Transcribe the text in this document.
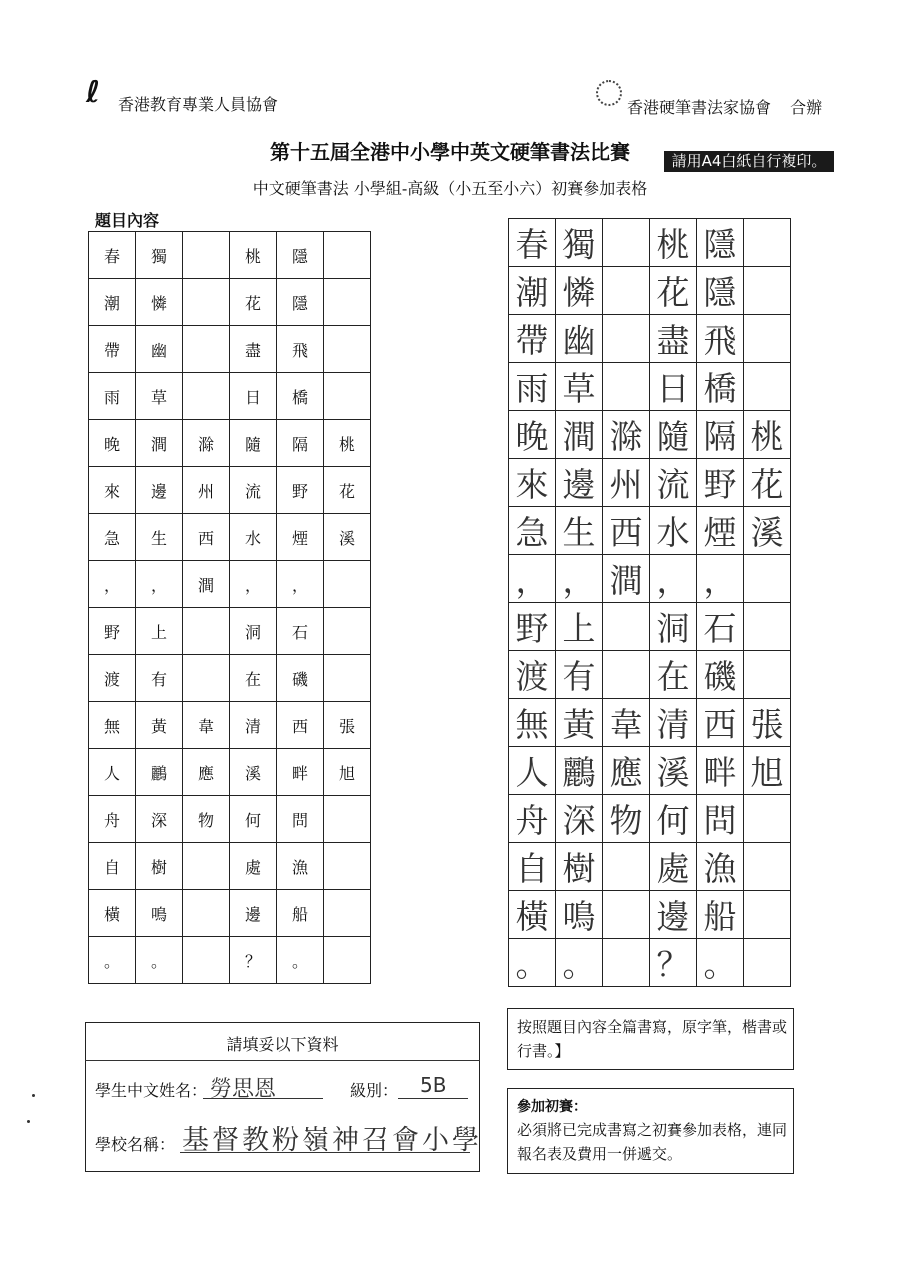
ℓ 香港教育專業人員協會	香港硬筆書法家協會 合辦
第十五屆全港中小學中英文硬筆書法比賽	請用A4白紙自行複印。
中文硬筆書法 小學組-高級（小五至小六）初賽參加表格
題目內容
春	獨		桃	隱	
潮	憐		花	隱	
帶	幽		盡	飛	
雨	草		日	橋	
晚	澗	滁	隨	隔	桃
來	邊	州	流	野	花
急	生	西	水	煙	溪
，	，	澗	，	，	
野	上		洞	石	
渡	有		在	磯	
無	黃	韋	清	西	張
人	鸝	應	溪	畔	旭
舟	深	物	何	問	
自	樹		處	漁	
橫	鳴		邊	船	
。	。		？	。	
春	獨		桃	隱	
潮	憐		花	隱	
帶	幽		盡	飛	
雨	草		日	橋	
晚	澗	滁	隨	隔	桃
來	邊	州	流	野	花
急	生	西	水	煙	溪
，	，	澗	，	，	
野	上		洞	石	
渡	有		在	磯	
無	黃	韋	清	西	張
人	鸝	應	溪	畔	旭
舟	深	物	何	問	
自	樹		處	漁	
橫	鳴		邊	船	
。	。		？	。	
請填妥以下資料
學生中文姓名： 勞思恩	級別： 5B
學校名稱： 基督教粉嶺神召會小學
按照題目內容全篇書寫，原字筆，楷書或行書。】
參加初賽：
必須將已完成書寫之初賽參加表格，連同報名表及費用一併遞交。
